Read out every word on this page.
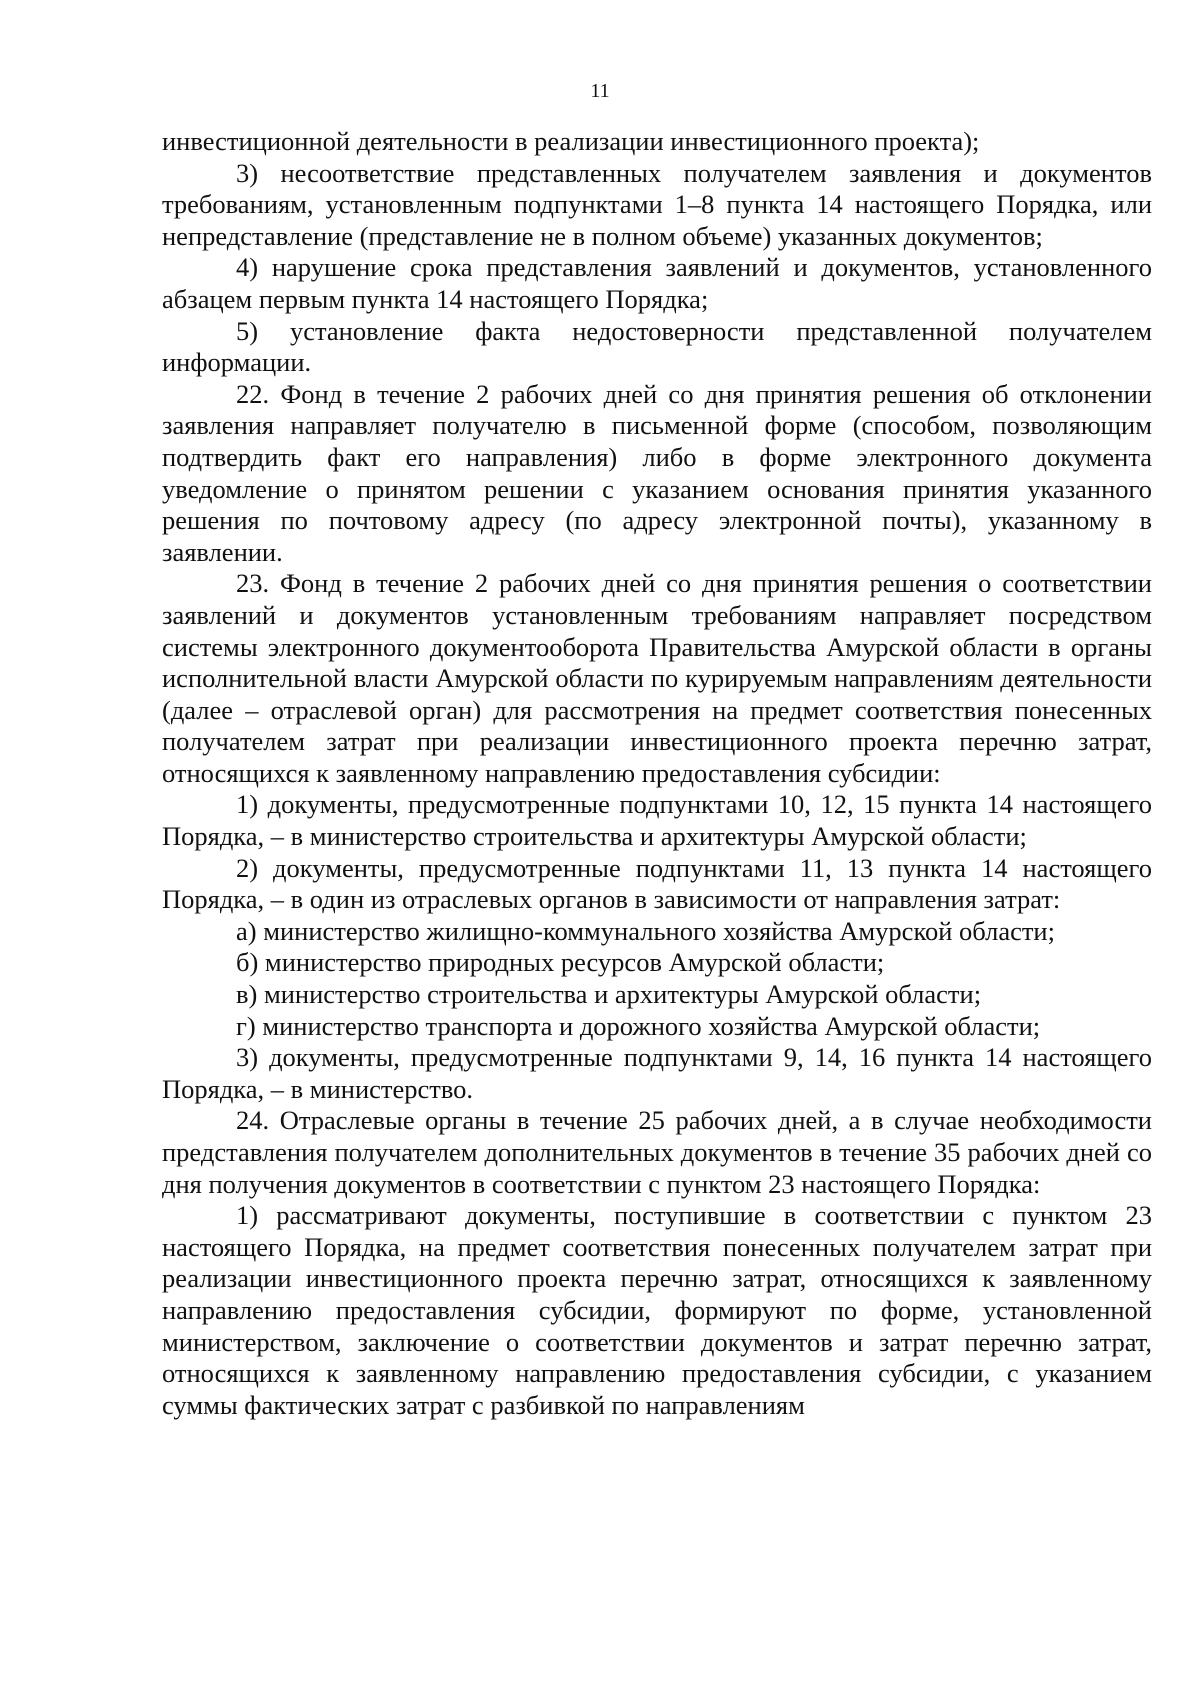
11

инвестиционной деятельности в реализации инвестиционного проекта);

3) несоответствие представленных получателем заявления и документов требованиям, установленным подпунктами 1–8 пункта 14 настоящего Порядка, или непредставление (представление не в полном объеме) указанных документов;

4) нарушение срока представления заявлений и документов, установленного абзацем первым пункта 14 настоящего Порядка;

5) установление факта недостоверности представленной получателем информации.

22. Фонд в течение 2 рабочих дней со дня принятия решения об отклонении заявления направляет получателю в письменной форме (способом, позволяющим подтвердить факт его направления) либо в форме электронного документа уведомление о принятом решении с указанием основания принятия указанного решения по почтовому адресу (по адресу электронной почты), указанному в заявлении.

23. Фонд в течение 2 рабочих дней со дня принятия решения о соответствии заявлений и документов установленным требованиям направляет посредством системы электронного документооборота Правительства Амурской области в органы исполнительной власти Амурской области по курируемым направлениям деятельности (далее – отраслевой орган) для рассмотрения на предмет соответствия понесенных получателем затрат при реализации инвестиционного проекта перечню затрат, относящихся к заявленному направлению предоставления субсидии:

1) документы, предусмотренные подпунктами 10, 12, 15 пункта 14 настоящего Порядка, – в министерство строительства и архитектуры Амурской области;

2) документы, предусмотренные подпунктами 11, 13 пункта 14 настоящего Порядка, – в один из отраслевых органов в зависимости от направления затрат:

а) министерство жилищно-коммунального хозяйства Амурской области;

б) министерство природных ресурсов Амурской области;

в) министерство строительства и архитектуры Амурской области;

г) министерство транспорта и дорожного хозяйства Амурской области;

3) документы, предусмотренные подпунктами 9, 14, 16 пункта 14 настоящего Порядка, – в министерство.

24. Отраслевые органы в течение 25 рабочих дней, а в случае необходимости представления получателем дополнительных документов в течение 35 рабочих дней со дня получения документов в соответствии с пунктом 23 настоящего Порядка:

1) рассматривают документы, поступившие в соответствии с пунктом 23 настоящего Порядка, на предмет соответствия понесенных получателем затрат при реализации инвестиционного проекта перечню затрат, относящихся к заявленному направлению предоставления субсидии, формируют по форме, установленной министерством, заключение о соответствии документов и затрат перечню затрат, относящихся к заявленному направлению предоставления субсидии, с указанием суммы фактических затрат с разбивкой по направлениям
